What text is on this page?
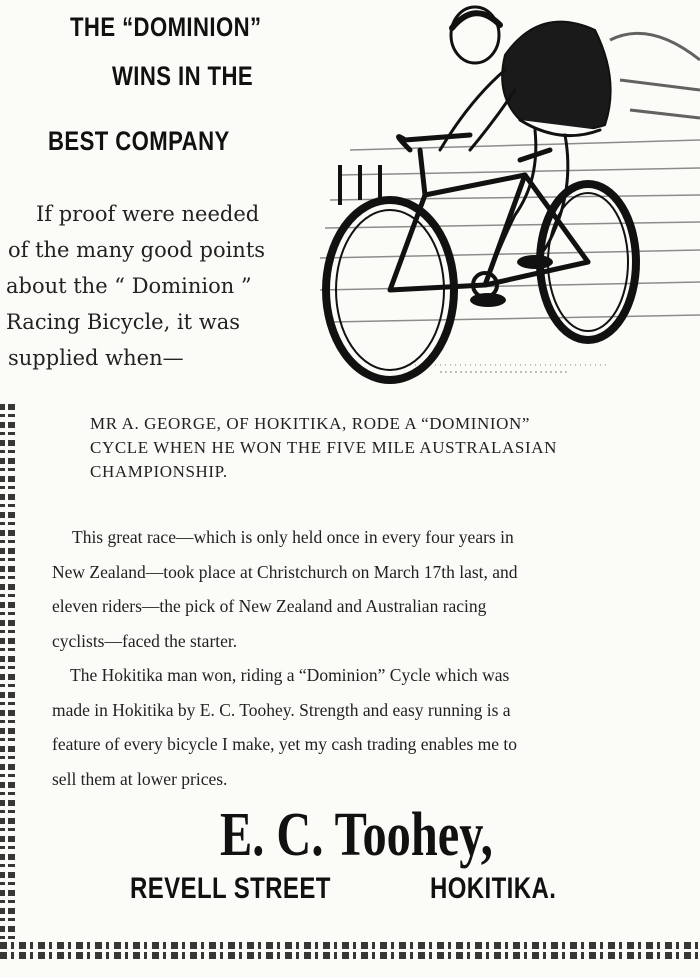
THE “DOMINION”
WINS IN THE
BEST COMPANY
If proof were needed
of the many good points
about the “ Dominion ”
Racing Bicycle, it was
supplied when—
MR A. GEORGE, OF HOKITIKA, RODE A “DOMINION”
CYCLE WHEN HE WON THE FIVE MILE AUSTRALASIAN
CHAMPIONSHIP.
This great race—which is only held once in every four years in
New Zealand—took place at Christchurch on March 17th last, and
eleven riders—the pick of New Zealand and Australian racing
cyclists—faced the starter.
The Hokitika man won, riding a “Dominion” Cycle which was
made in Hokitika by E. C. Toohey. Strength and easy running is a
feature of every bicycle I make, yet my cash trading enables me to
sell them at lower prices.
E. C. Toohey,
REVELL STREET	HOKITIKA.
